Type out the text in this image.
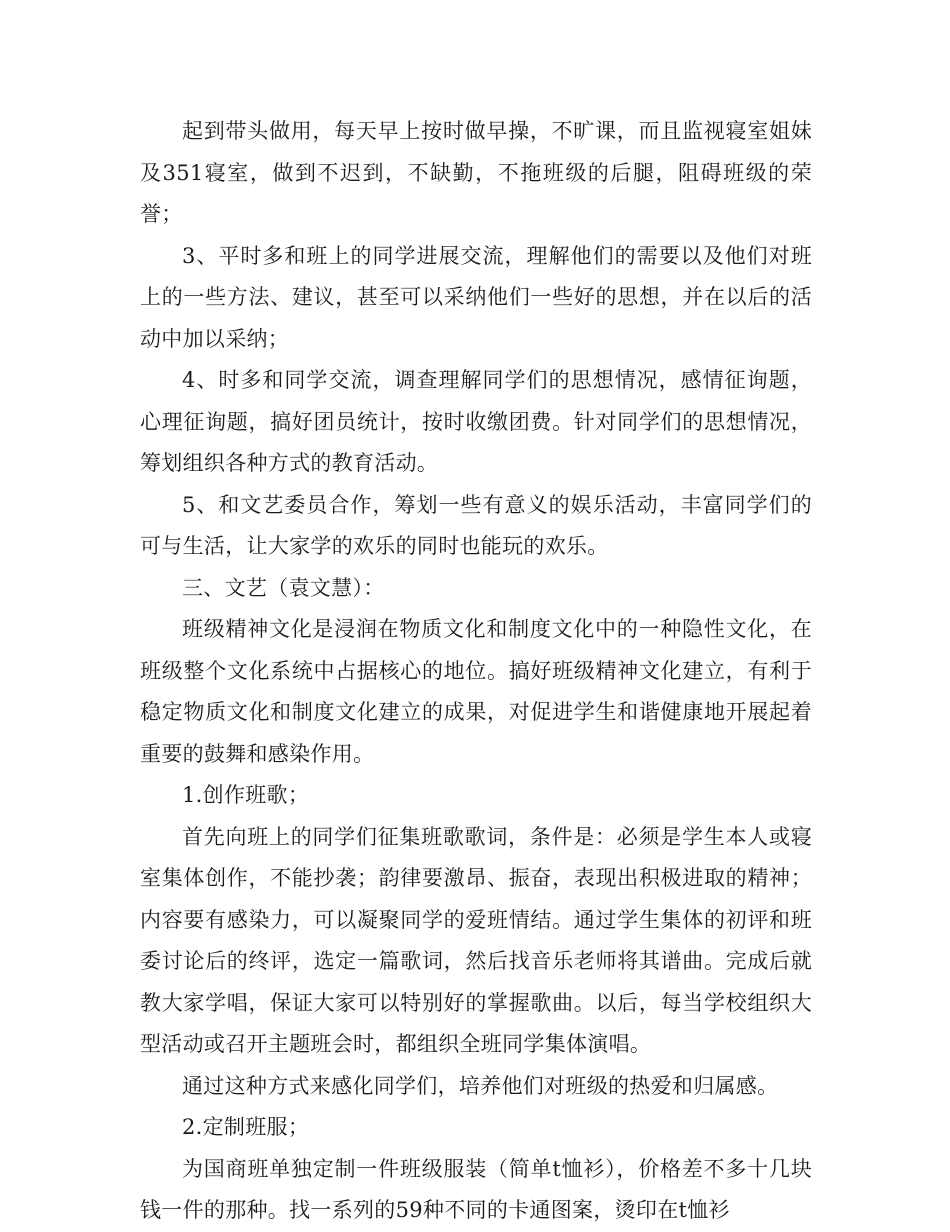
起到带头做用，每天早上按时做早操，不旷课，而且监视寝室姐妹及351寝室，做到不迟到，不缺勤，不拖班级的后腿，阻碍班级的荣誉；

3、平时多和班上的同学进展交流，理解他们的需要以及他们对班上的一些方法、建议，甚至可以采纳他们一些好的思想，并在以后的活动中加以采纳；

4、时多和同学交流，调查理解同学们的思想情况，感情征询题，心理征询题，搞好团员统计，按时收缴团费。针对同学们的思想情况，筹划组织各种方式的教育活动。

5、和文艺委员合作，筹划一些有意义的娱乐活动，丰富同学们的可与生活，让大家学的欢乐的同时也能玩的欢乐。

三、文艺（袁文慧）：

班级精神文化是浸润在物质文化和制度文化中的一种隐性文化，在班级整个文化系统中占据核心的地位。搞好班级精神文化建立，有利于稳定物质文化和制度文化建立的成果，对促进学生和谐健康地开展起着重要的鼓舞和感染作用。

1.创作班歌；

首先向班上的同学们征集班歌歌词，条件是：必须是学生本人或寝室集体创作，不能抄袭；韵律要激昂、振奋，表现出积极进取的精神；内容要有感染力，可以凝聚同学的爱班情结。通过学生集体的初评和班委讨论后的终评，选定一篇歌词，然后找音乐老师将其谱曲。完成后就教大家学唱，保证大家可以特别好的掌握歌曲。以后，每当学校组织大型活动或召开主题班会时，都组织全班同学集体演唱。

通过这种方式来感化同学们，培养他们对班级的热爱和归属感。

2.定制班服；

为国商班单独定制一件班级服装（简单t恤衫），价格差不多十几块钱一件的那种。找一系列的59种不同的卡通图案，烫印在t恤衫
